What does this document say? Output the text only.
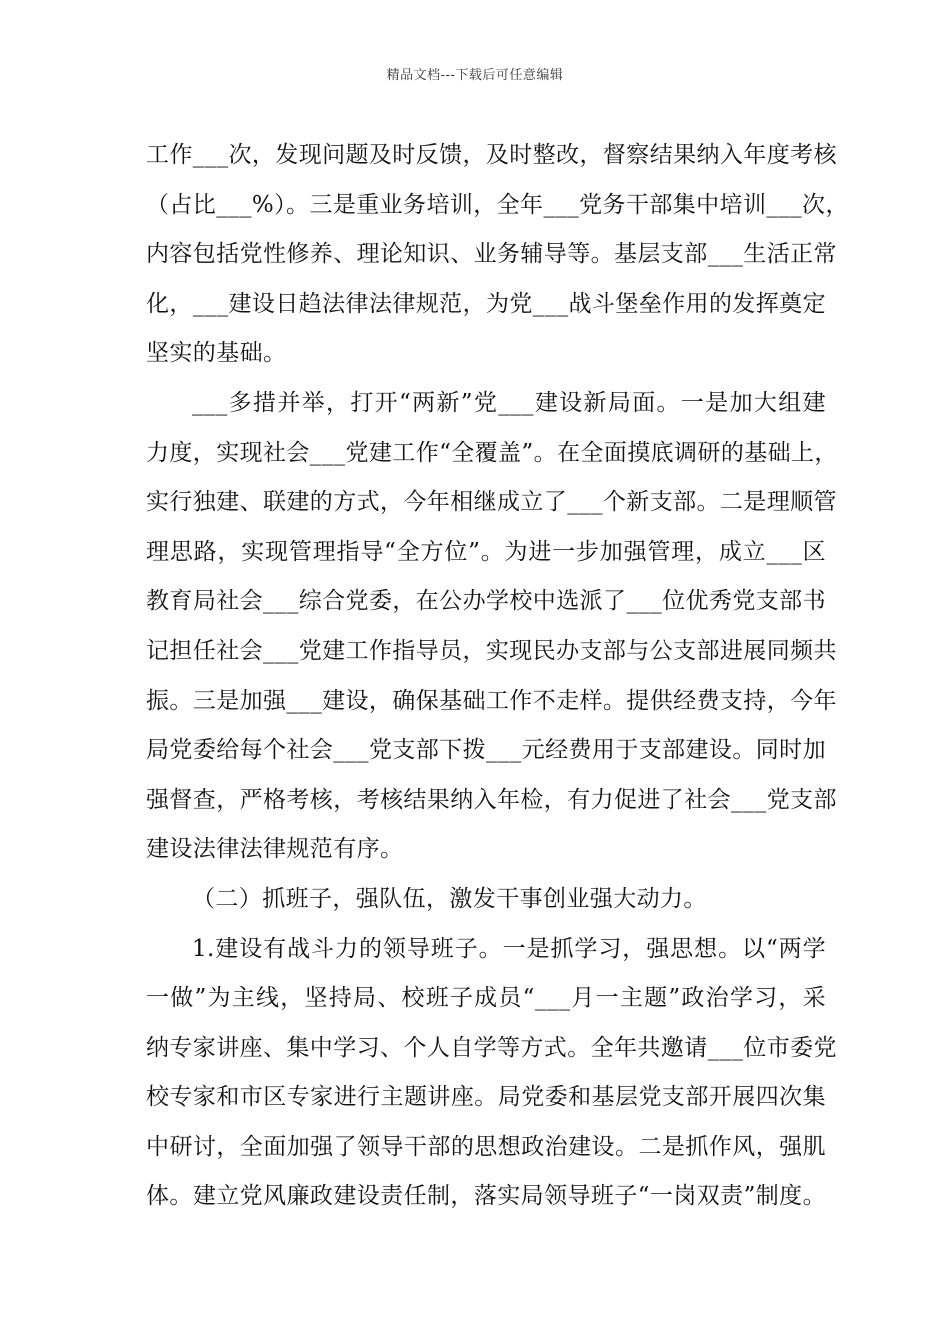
精品文档---下载后可任意编辑
工作___次，发现问题及时反馈，及时整改，督察结果纳入年度考核
（占比___%）。三是重业务培训，全年___党务干部集中培训___次，
内容包括党性修养、理论知识、业务辅导等。基层支部___生活正常
化，___建设日趋法律法律规范，为党___战斗堡垒作用的发挥奠定
坚实的基础。
___多措并举，打开“两新”党___建设新局面。一是加大组建
力度，实现社会___党建工作“全覆盖”。在全面摸底调研的基础上，
实行独建、联建的方式，今年相继成立了___个新支部。二是理顺管
理思路，实现管理指导“全方位”。为进一步加强管理，成立___区
教育局社会___综合党委，在公办学校中选派了___位优秀党支部书
记担任社会___党建工作指导员，实现民办支部与公支部进展同频共
振。三是加强___建设，确保基础工作不走样。提供经费支持，今年
局党委给每个社会___党支部下拨___元经费用于支部建设。同时加
强督查，严格考核，考核结果纳入年检，有力促进了社会___党支部
建设法律法律规范有序。
（二）抓班子，强队伍，激发干事创业强大动力。
1.建设有战斗力的领导班子。一是抓学习，强思想。以“两学
一做”为主线，坚持局、校班子成员“___月一主题”政治学习，采
纳专家讲座、集中学习、个人自学等方式。全年共邀请___位市委党
校专家和市区专家进行主题讲座。局党委和基层党支部开展四次集
中研讨，全面加强了领导干部的思想政治建设。二是抓作风，强肌
体。建立党风廉政建设责任制，落实局领导班子“一岗双责”制度。
